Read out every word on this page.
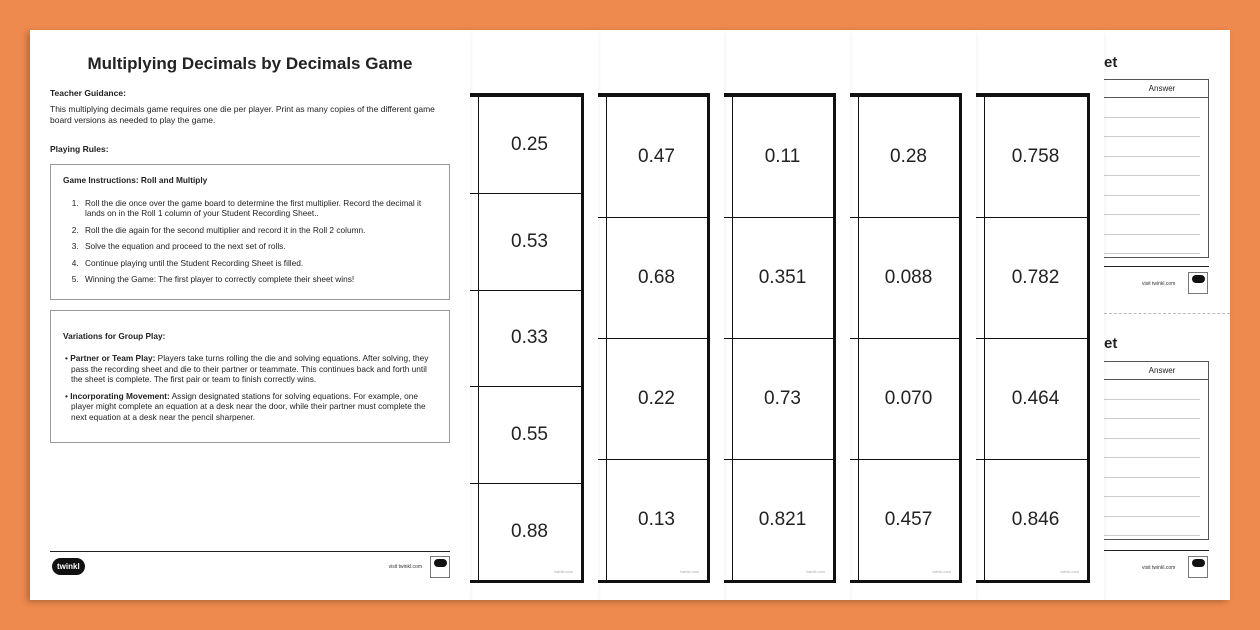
Multiplying Decimals by Decimals Game
Teacher Guidance:
This multiplying decimals game requires one die per player. Print as many copies of the different game board versions as needed to play the game.
Playing Rules:
Game Instructions: Roll and Multiply
1. Roll the die once over the game board to determine the first multiplier. Record the decimal it lands on in the Roll 1 column of your Student Recording Sheet..
2. Roll the die again for the second multiplier and record it in the Roll 2 column.
3. Solve the equation and proceed to the next set of rolls.
4. Continue playing until the Student Recording Sheet is filled.
5. Winning the Game: The first player to correctly complete their sheet wins!
Variations for Group Play:
• Partner or Team Play: Players take turns rolling the die and solving equations. After solving, they pass the recording sheet and die to their partner or teammate. This continues back and forth until the sheet is complete. The first pair or team to finish correctly wins.
• Incorporating Movement: Assign designated stations for solving equations. For example, one player might complete an equation at a desk near the door, while their partner must complete the next equation at a desk near the pencil sharpener.
twinkl	visit twinkl.com
0.25
0.53
0.33
0.55
0.88
twinkl.com
0.47
0.68
0.22
0.13
twinkl.com
0.11
0.351
0.73
0.821
twinkl.com
0.28
0.088
0.070
0.457
twinkl.com
0.758
0.782
0.464
0.846
twinkl.com
et
Answer
visit twinkl.com
et
Answer
visit twinkl.com
